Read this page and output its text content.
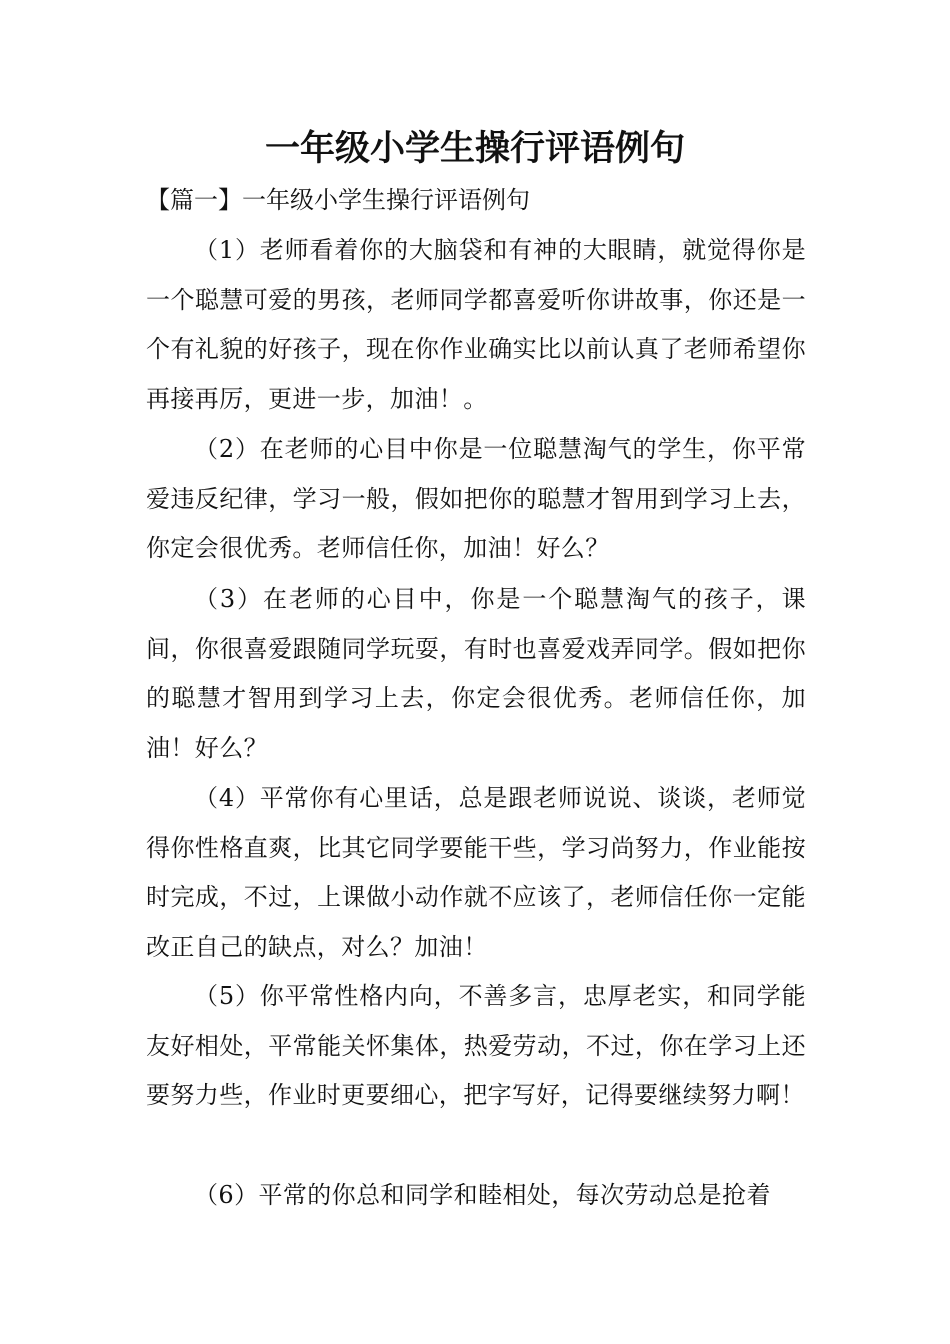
一年级小学生操行评语例句

【篇一】一年级小学生操行评语例句

（1）老师看着你的大脑袋和有神的大眼睛，就觉得你是一个聪慧可爱的男孩，老师同学都喜爱听你讲故事，你还是一个有礼貌的好孩子，现在你作业确实比以前认真了老师希望你再接再厉，更进一步，加油！。

（2）在老师的心目中你是一位聪慧淘气的学生，你平常爱违反纪律，学习一般，假如把你的聪慧才智用到学习上去，你定会很优秀。老师信任你，加油！好么？

（3）在老师的心目中，你是一个聪慧淘气的孩子，课间，你很喜爱跟随同学玩耍，有时也喜爱戏弄同学。假如把你的聪慧才智用到学习上去，你定会很优秀。老师信任你，加油！好么？

（4）平常你有心里话，总是跟老师说说、谈谈，老师觉得你性格直爽，比其它同学要能干些，学习尚努力，作业能按时完成，不过，上课做小动作就不应该了，老师信任你一定能改正自己的缺点，对么？加油！

（5）你平常性格内向，不善多言，忠厚老实，和同学能友好相处，平常能关怀集体，热爱劳动，不过，你在学习上还要努力些，作业时更要细心，把字写好，记得要继续努力啊！

（6）平常的你总和同学和睦相处，每次劳动总是抢着
